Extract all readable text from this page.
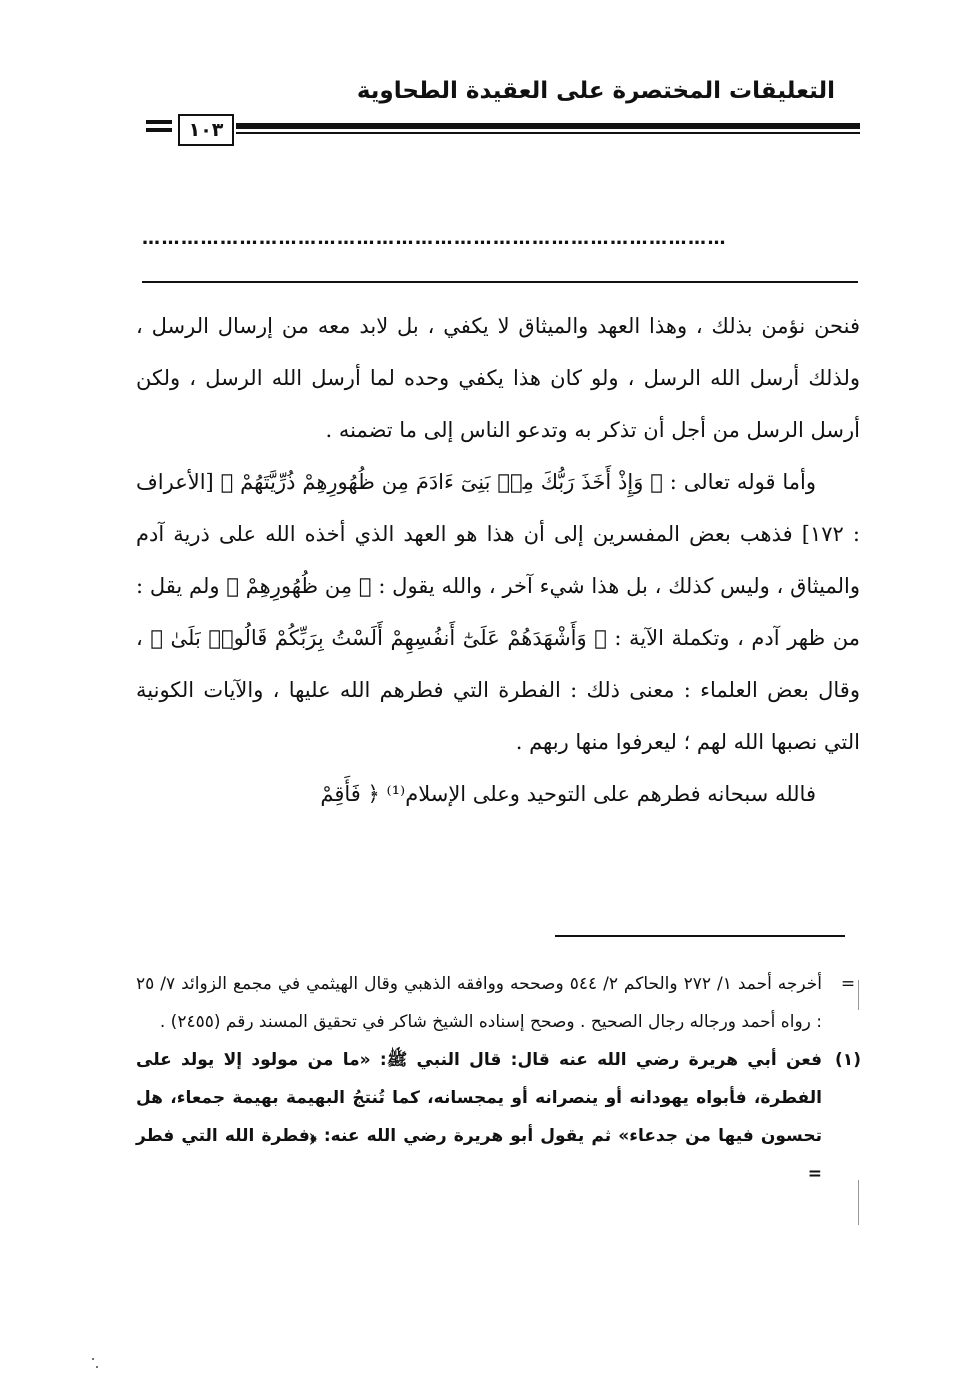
التعليقات المختصرة على العقيدة الطحاوية
١٠٣
………………………………………………………………………………

فنحن نؤمن بذلك ، وهذا العهد والميثاق لا يكفي ، بل لابد معه من إرسال الرسل ، ولذلك أرسل الله الرسل ، ولو كان هذا يكفي وحده لما أرسل الله الرسل ، ولكن أرسل الرسل من أجل أن تذكر به وتدعو الناس إلى ما تضمنه .

وأما قوله تعالى : ﴿ وَإِذْ أَخَذَ رَبُّكَ مِنۢ بَنِىٓ ءَادَمَ مِن ظُهُورِهِمْ ذُرِّيَّتَهُمْ ﴾ [الأعراف : ١٧٢] فذهب بعض المفسرين إلى أن هذا هو العهد الذي أخذه الله على ذرية آدم والميثاق ، وليس كذلك ، بل هذا شيء آخر ، والله يقول : ﴿ مِن ظُهُورِهِمْ ﴾ ولم يقل : من ظهر آدم ، وتكملة الآية : ﴿ وَأَشْهَدَهُمْ عَلَىٰٓ أَنفُسِهِمْ أَلَسْتُ بِرَبِّكُمْ قَالُوا۟ بَلَىٰ ﴾ ، وقال بعض العلماء : معنى ذلك : الفطرة التي فطرهم الله عليها ، والآيات الكونية التي نصبها الله لهم ؛ ليعرفوا منها ربهم .

فالله سبحانه فطرهم على التوحيد وعلى الإسلام⁽¹⁾ ﴿ فَأَقِمْ

=
أخرجه أحمد ١/ ٢٧٢ والحاكم ٢/ ٥٤٤ وصححه ووافقه الذهبي وقال الهيثمي في مجمع الزوائد ٧/ ٢٥ : رواه أحمد ورجاله رجال الصحيح . وصحح إسناده الشيخ شاكر في تحقيق المسند رقم (٢٤٥٥) .
(١)
فعن أبي هريرة رضي الله عنه قال: قال النبي ﷺ: «ما من مولود إلا يولد على الفطرة، فأبواه يهودانه أو ينصرانه أو يمجسانه، كما تُنتجُ البهيمة بهيمة جمعاء، هل تحسون فيها من جدعاء» ثم يقول أبو هريرة رضي الله عنه: ﴿فطرة الله التي فطر =
